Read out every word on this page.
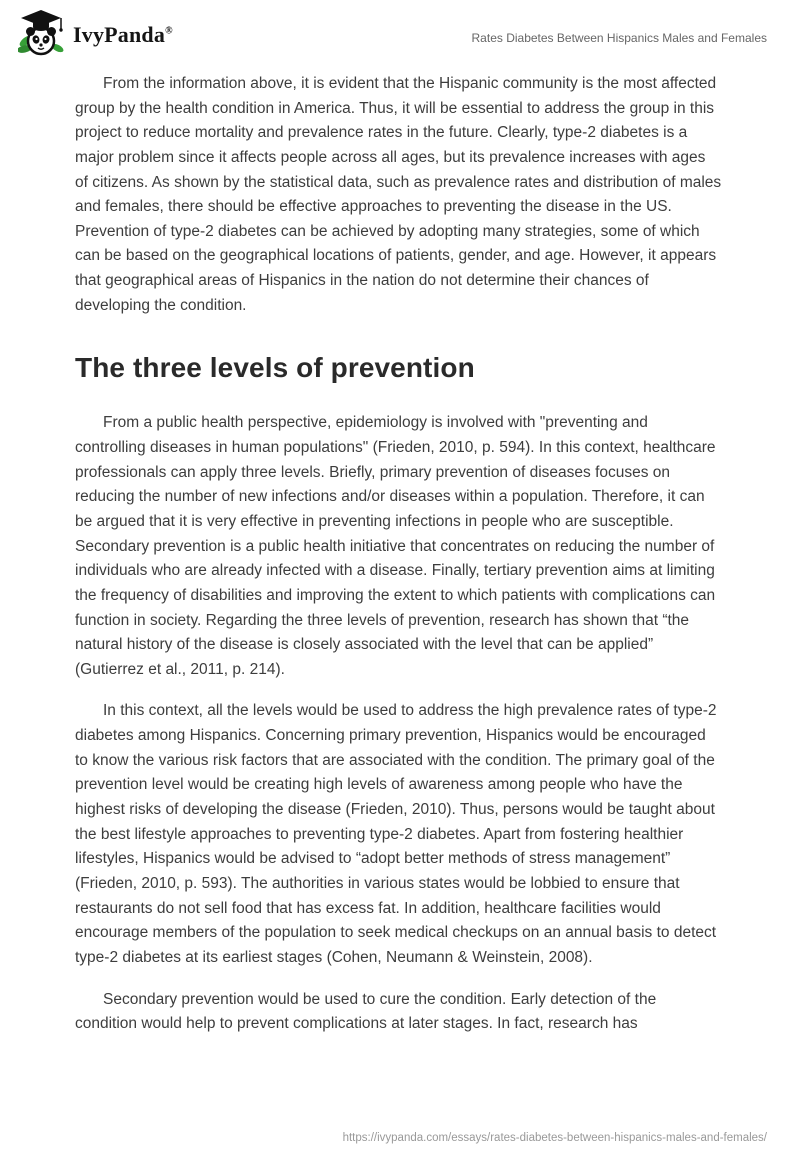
IvyPanda®	Rates Diabetes Between Hispanics Males and Females

From the information above, it is evident that the Hispanic community is the most affected group by the health condition in America. Thus, it will be essential to address the group in this project to reduce mortality and prevalence rates in the future. Clearly, type-2 diabetes is a major problem since it affects people across all ages, but its prevalence increases with ages of citizens. As shown by the statistical data, such as prevalence rates and distribution of males and females, there should be effective approaches to preventing the disease in the US. Prevention of type-2 diabetes can be achieved by adopting many strategies, some of which can be based on the geographical locations of patients, gender, and age. However, it appears that geographical areas of Hispanics in the nation do not determine their chances of developing the condition.

The three levels of prevention

From a public health perspective, epidemiology is involved with "preventing and controlling diseases in human populations" (Frieden, 2010, p. 594). In this context, healthcare professionals can apply three levels. Briefly, primary prevention of diseases focuses on reducing the number of new infections and/or diseases within a population. Therefore, it can be argued that it is very effective in preventing infections in people who are susceptible. Secondary prevention is a public health initiative that concentrates on reducing the number of individuals who are already infected with a disease. Finally, tertiary prevention aims at limiting the frequency of disabilities and improving the extent to which patients with complications can function in society. Regarding the three levels of prevention, research has shown that “the natural history of the disease is closely associated with the level that can be applied” (Gutierrez et al., 2011, p. 214).

In this context, all the levels would be used to address the high prevalence rates of type-2 diabetes among Hispanics. Concerning primary prevention, Hispanics would be encouraged to know the various risk factors that are associated with the condition. The primary goal of the prevention level would be creating high levels of awareness among people who have the highest risks of developing the disease (Frieden, 2010). Thus, persons would be taught about the best lifestyle approaches to preventing type-2 diabetes. Apart from fostering healthier lifestyles, Hispanics would be advised to “adopt better methods of stress management” (Frieden, 2010, p. 593). The authorities in various states would be lobbied to ensure that restaurants do not sell food that has excess fat. In addition, healthcare facilities would encourage members of the population to seek medical checkups on an annual basis to detect type-2 diabetes at its earliest stages (Cohen, Neumann & Weinstein, 2008).

Secondary prevention would be used to cure the condition. Early detection of the condition would help to prevent complications at later stages. In fact, research has

https://ivypanda.com/essays/rates-diabetes-between-hispanics-males-and-females/
